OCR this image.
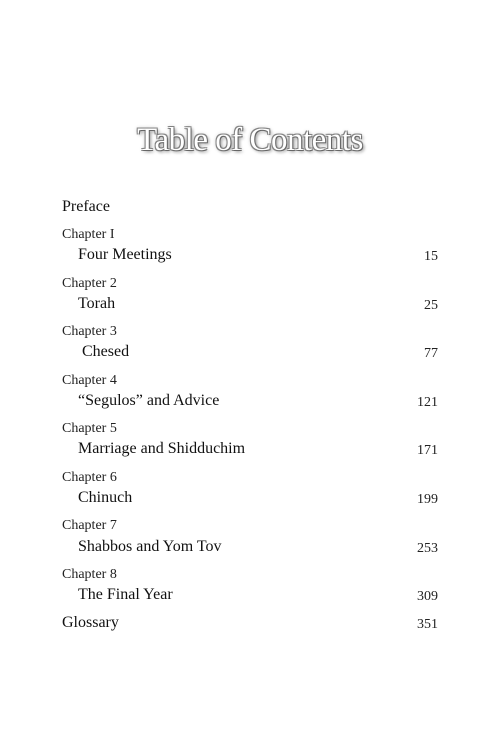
Table of Contents
Preface
Chapter I
Four Meetings	15
Chapter 2
Torah	25
Chapter 3
Chesed	77
Chapter 4
“Segulos” and Advice	121
Chapter 5
Marriage and Shidduchim	171
Chapter 6
Chinuch	199
Chapter 7
Shabbos and Yom Tov	253
Chapter 8
The Final Year	309
Glossary	351
